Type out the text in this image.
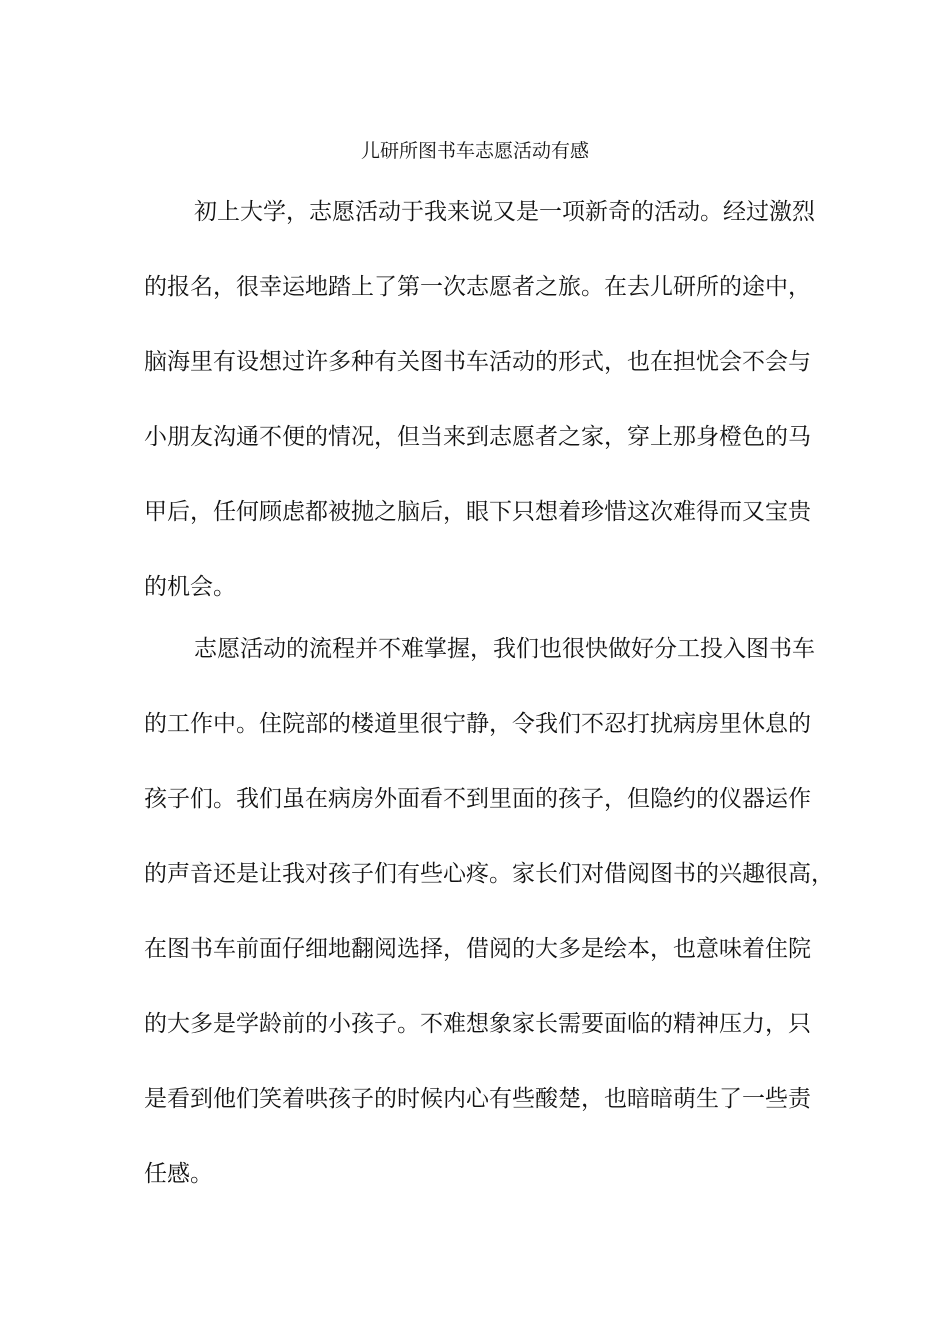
儿研所图书车志愿活动有感
初上大学，志愿活动于我来说又是一项新奇的活动。经过激烈
的报名，很幸运地踏上了第一次志愿者之旅。在去儿研所的途中，
脑海里有设想过许多种有关图书车活动的形式，也在担忧会不会与
小朋友沟通不便的情况，但当来到志愿者之家，穿上那身橙色的马
甲后，任何顾虑都被抛之脑后，眼下只想着珍惜这次难得而又宝贵
的机会。
志愿活动的流程并不难掌握，我们也很快做好分工投入图书车
的工作中。住院部的楼道里很宁静，令我们不忍打扰病房里休息的
孩子们。我们虽在病房外面看不到里面的孩子，但隐约的仪器运作
的声音还是让我对孩子们有些心疼。家长们对借阅图书的兴趣很高，
在图书车前面仔细地翻阅选择，借阅的大多是绘本，也意味着住院
的大多是学龄前的小孩子。不难想象家长需要面临的精神压力，只
是看到他们笑着哄孩子的时候内心有些酸楚，也暗暗萌生了一些责
任感。
